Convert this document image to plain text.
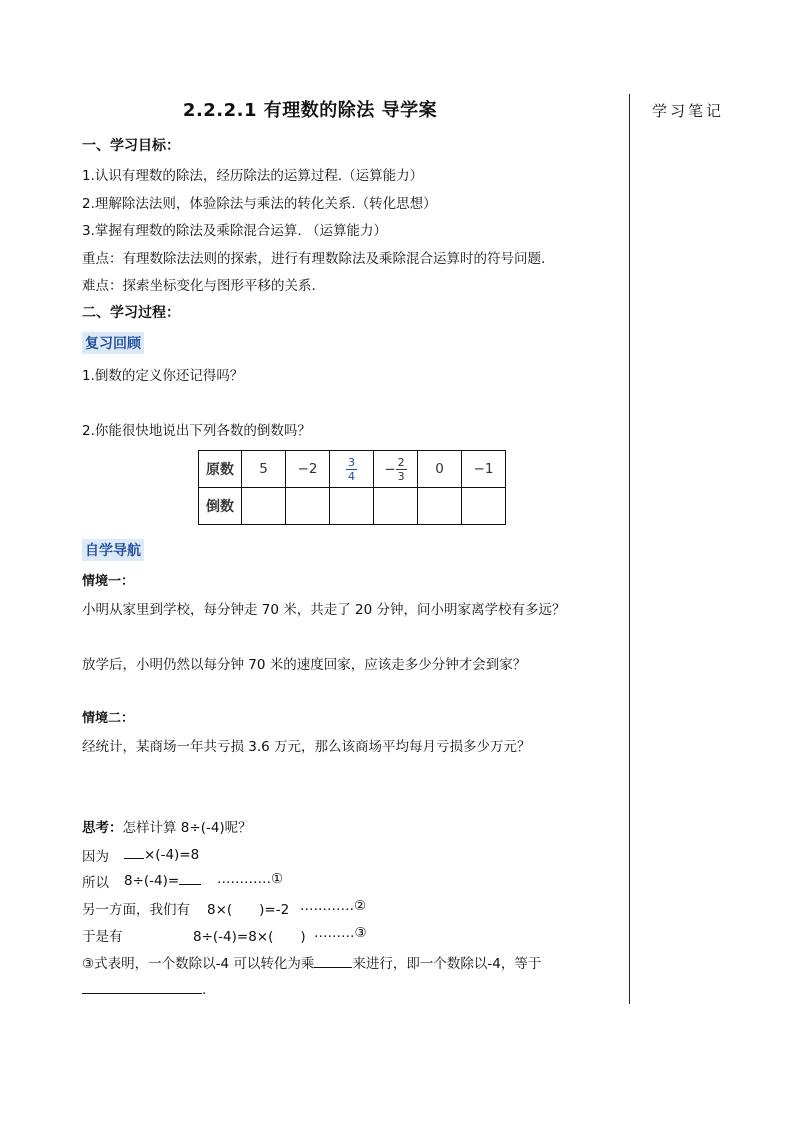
2.2.2.1 有理数的除法 导学案	学习笔记
一、学习目标：
1.认识有理数的除法，经历除法的运算过程.（运算能力）
2.理解除法法则，体验除法与乘法的转化关系.（转化思想）
3.掌握有理数的除法及乘除混合运算. （运算能力）
重点：有理数除法法则的探索，进行有理数除法及乘除混合运算时的符号问题.
难点：探索坐标变化与图形平移的关系.
二、学习过程：
复习回顾
1.倒数的定义你还记得吗？
2.你能很快地说出下列各数的倒数吗？
原数	5	−2	$\frac{3}{4}$	− $\frac{2}{3}$	0	−1
倒数						
自学导航
情境一：
小明从家里到学校，每分钟走 70 米，共走了 20 分钟，问小明家离学校有多远？
放学后，小明仍然以每分钟 70 米的速度回家，应该走多少分钟才会到家？
情境二：
经统计，某商场一年共亏损 3.6 万元，那么该商场平均每月亏损多少万元？
思考：怎样计算 8÷(-4)呢？
因为	×(-4)=8
所以 8÷(-4)=	…………①
另一方面，我们有 8×(　　)=-2 …………②
于是有	8÷(-4)=8×(　　) ………③
③式表明，一个数除以-4 可以转化为乘	来进行，即一个数除以-4，等于
.
